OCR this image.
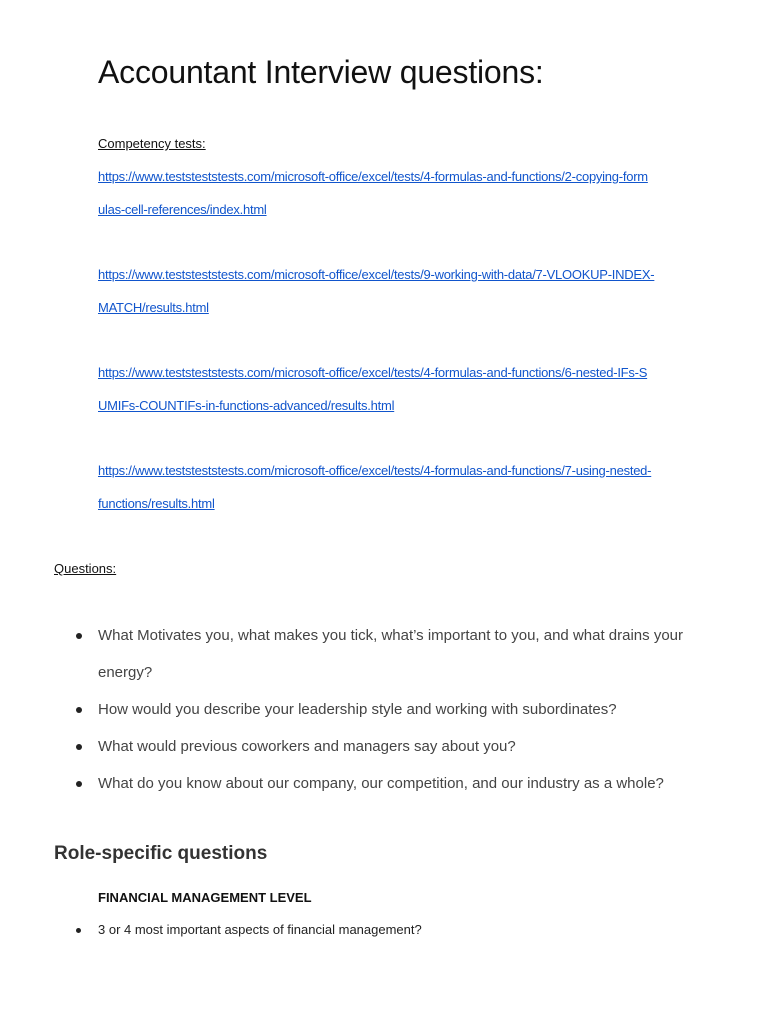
Accountant Interview questions:
Competency tests:
https://www.teststeststests.com/microsoft-office/excel/tests/4-formulas-and-functions/2-copying-form
ulas-cell-references/index.html
https://www.teststeststests.com/microsoft-office/excel/tests/9-working-with-data/7-VLOOKUP-INDEX-
MATCH/results.html
https://www.teststeststests.com/microsoft-office/excel/tests/4-formulas-and-functions/6-nested-IFs-S
UMIFs-COUNTIFs-in-functions-advanced/results.html
https://www.teststeststests.com/microsoft-office/excel/tests/4-formulas-and-functions/7-using-nested-
functions/results.html
Questions:
What Motivates you, what makes you tick, what’s important to you, and what drains your energy?
How would you describe your leadership style and working with subordinates?
What would previous coworkers and managers say about you?
What do you know about our company, our competition, and our industry as a whole?
Role-specific questions
FINANCIAL MANAGEMENT LEVEL
3 or 4 most important aspects of financial management?
